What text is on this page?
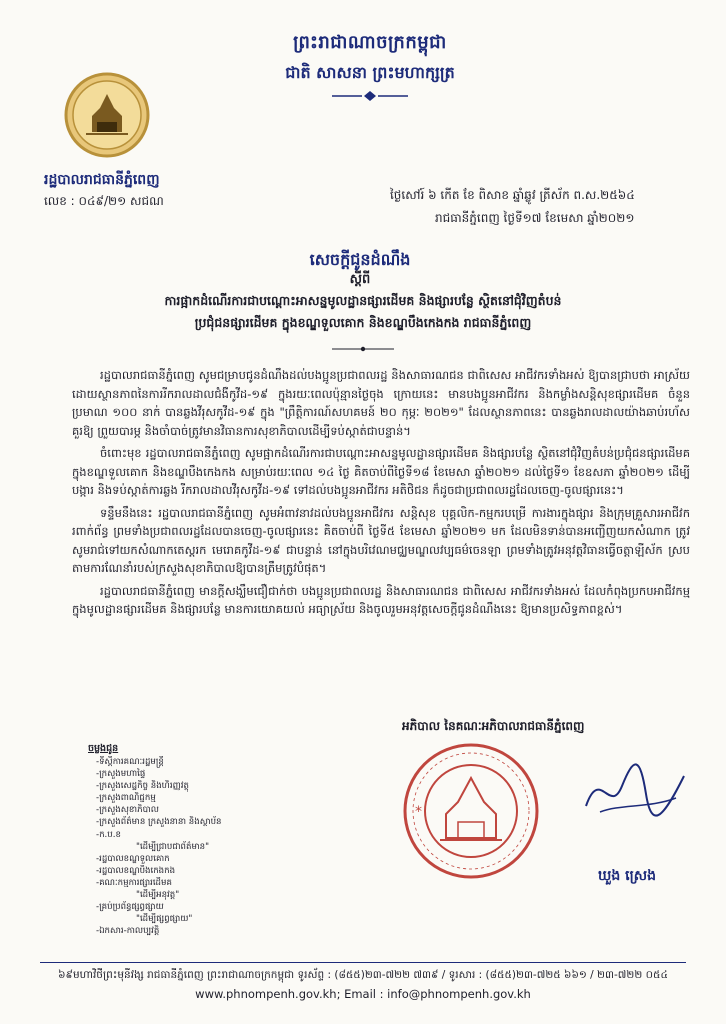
ព្រះរាជាណាចក្រកម្ពុជា
ជាតិ សាសនា ព្រះមហាក្សត្រ
រដ្ឋបាលរាជធានីភ្នំពេញ
លេខ : ០៤៩/២១ សជណ	ថ្ងៃសៅរ៍ ៦ កើត ខែ ពិសាខ ឆ្នាំឆ្លូវ ត្រីស័ក ព.ស.២៥៦៤
រាជធានីភ្នំពេញ ថ្ងៃទី១៧ ខែមេសា ឆ្នាំ២០២១
សេចក្តីជូនដំណឹង
ស្តីពី
ការផ្អាកដំណើរការជាបណ្តោះអាសន្នមូលដ្ឋានផ្សារដើមគ និងផ្សារបន្លែ ស្ថិតនៅជុំវិញតំបន់
ប្រជុំជនផ្សារដើមគ ក្នុងខណ្ឌទួលគោក និងខណ្ឌបឹងកេងកង រាជធានីភ្នំពេញ

រដ្ឋបាលរាជធានីភ្នំពេញ សូមជម្រាបជូនដំណឹងដល់បងប្អូនប្រជាពលរដ្ឋ និងសាធារណជន ជាពិសេស អាជីវករទាំងអស់ ឱ្យបានជ្រាបថា អាស្រ័យដោយស្ថានភាពនៃការរីករាលដាលជំងឺកូវីដ-១៩ ក្នុងរយៈពេលប៉ុន្មានថ្ងៃចុង ក្រោយនេះ មានបងប្អូនអាជីវករ និងកម្លាំងសន្តិសុខផ្សារដើមគ ចំនួនប្រមាណ ១០០ នាក់ បានឆ្លងវីរុសកូវីដ-១៩ ក្នុង "ព្រឹត្តិការណ៍សហគមន៍ ២០ កុម្ភៈ ២០២១" ដែលស្ថានភាពនេះ បានឆ្លងរាលដាលយ៉ាងឆាប់រហ័ស គួរឱ្យ ព្រួយបារម្ភ និងចាំបាច់ត្រូវមានវិធានការសុខាភិបាលដើម្បីទប់ស្កាត់ជាបន្ទាន់។

ចំពោះមុខ រដ្ឋបាលរាជធានីភ្នំពេញ សូមផ្អាកដំណើរការជាបណ្តោះអាសន្នមូលដ្ឋានផ្សារដើមគ និងផ្សារបន្លែ ស្ថិតនៅជុំវិញតំបន់ប្រជុំជនផ្សារដើមគ ក្នុងខណ្ឌទួលគោក និងខណ្ឌបឹងកេងកង សម្រាប់រយៈពេល ១៤ ថ្ងៃ គិតចាប់ពីថ្ងៃទី១៨ ខែមេសា ឆ្នាំ២០២១ ដល់ថ្ងៃទី១ ខែឧសភា ឆ្នាំ២០២១ ដើម្បីបង្ការ និងទប់ស្កាត់ការឆ្លង រីករាលដាលវីរុសកូវីដ-១៩ ទៅដល់បងប្អូនអាជីវករ អតិថិជន ក៏ដូចជាប្រជាពលរដ្ឋដែលចេញ-ចូលផ្សារនេះ។

ទន្ទឹមនឹងនេះ រដ្ឋបាលរាជធានីភ្នំពេញ សូមអំពាវនាវដល់បងប្អូនអាជីវករ សន្តិសុខ បុគ្គលិក-កម្មករបម្រើ ការងារក្នុងផ្សារ និងក្រុមគ្រួសារអាជីវករពាក់ព័ន្ធ ព្រមទាំងប្រជាពលរដ្ឋដែលបានចេញ-ចូលផ្សារនេះ គិតចាប់ពី ថ្ងៃទី៥ ខែមេសា ឆ្នាំ២០២១ មក ដែលមិនទាន់បានអញ្ជើញយកសំណាក ត្រូវសូមរាជ់ទៅយកសំណាកតេស្តរក មេរោគកូវីដ-១៩ ជាបន្ទាន់ នៅក្នុងបរិវេណមជ្ឈមណ្ឌលវប្បធម៌ចេនឡា ព្រមទាំងត្រូវអនុវត្តវិធានធ្វើចត្តាឡីស័ក ស្របតាមការណែនាំរបស់ក្រសួងសុខាភិបាលឱ្យបានត្រឹមត្រូវបំផុត។

រដ្ឋបាលរាជធានីភ្នំពេញ មានក្តីសង្ឃឹមជឿជាក់ថា បងប្អូនប្រជាពលរដ្ឋ និងសាធារណជន ជាពិសេស អាជីវករទាំងអស់ ដែលកំពុងប្រកបអាជីវកម្មក្នុងមូលដ្ឋានផ្សារដើមគ និងផ្សារបន្លែ មានការយោគយល់ អធ្យាស្រ័យ និងចូលរួមអនុវត្តសេចក្តីជូនដំណឹងនេះ ឱ្យមានប្រសិទ្ធភាពខ្ពស់។

អភិបាល នៃគណៈអភិបាលរាជធានីភ្នំពេញ
ចម្លងជូន
-ទីស្តីការគណៈរដ្ឋមន្ត្រី
-ក្រសួងមហាផ្ទៃ
-ក្រសួងសេដ្ឋកិច្ច និងហិរញ្ញវត្ថុ
-ក្រសួងពាណិជ្ជកម្ម
-ក្រសួងសុខាភិបាល
-ក្រសួងព័ត៌មាន ក្រសួងនានា និងស្ថាប័ន
-ក.ប.ខ
"ដើម្បីជ្រាបជាព័ត៌មាន"
-រដ្ឋបាលខណ្ឌទួលគោក
-រដ្ឋបាលខណ្ឌបឹងកេងកង
-គណៈកម្មការផ្សារដើមគ
"ដើម្បីអនុវត្ត"
-គ្រប់ប្រព័ន្ធផ្សព្វផ្សាយ
"ដើម្បីផ្សព្វផ្សាយ"
-ឯកសារ-កាលប្បវត្តិ
*
ឃួង ស្រេង
៦៩មហាវិថីព្រះមុនីវង្ស រាជធានីភ្នំពេញ ព្រះរាជាណាចក្រកម្ពុជា ទូរស័ព្ទ : (៨៥៥)២៣-៧២២ ៧៣៩ / ទូរសារ : (៨៥៥)២៣-៧២៥ ៦៦១ / ២៣-៧២២ ០៥៤
www.phnompenh.gov.kh; Email : info@phnompenh.gov.kh
